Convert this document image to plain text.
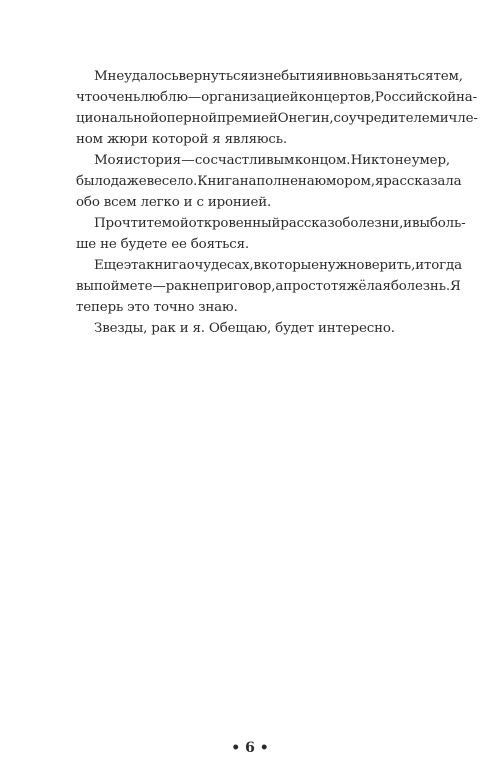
Мне удалось вернуться из небытия и вновь заняться тем,
что очень люблю — организацией концертов, Российской на-
циональной оперной премией Онегин, соучредителем и чле-
ном жюри которой я являюсь.
Моя история — со счастливым концом. Никто не умер,
было даже весело. Книга наполнена юмором, я рассказала
обо всем легко и с иронией.
Прочтите мой откровенный рассказ о болезни, и вы боль-
ше не будете ее бояться.
Еще эта книга о чудесах, в которые нужно верить, и тогда
вы поймете — рак не приговор, а просто тяжёлая болезнь. Я
теперь это точно знаю.
Звезды, рак и я. Обещаю, будет интересно.
• 6 •
